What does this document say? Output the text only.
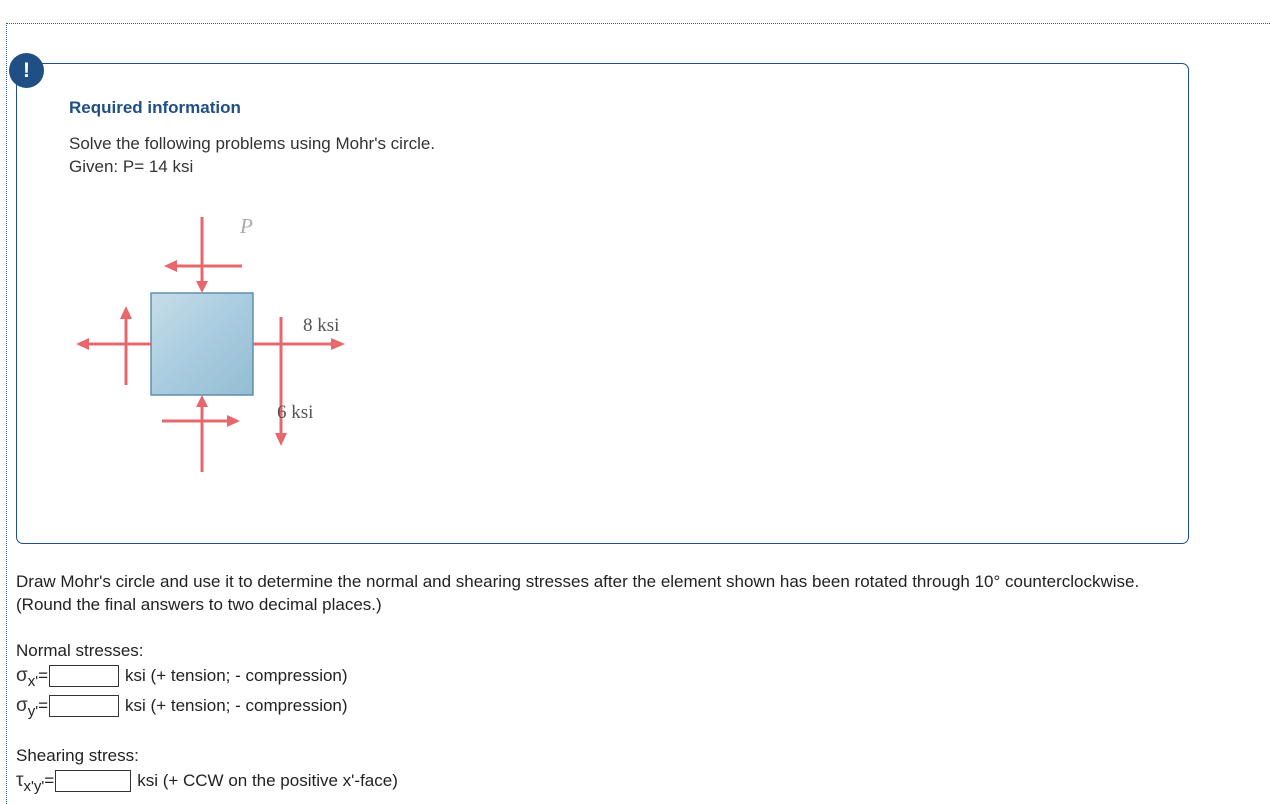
Required information
Solve the following problems using Mohr's circle.
Given: P= 14 ksi
P
8 ksi
6 ksi
!
Draw Mohr's circle and use it to determine the normal and shearing stresses after the element shown has been rotated through 10° counterclockwise. (Round the final answers to two decimal places.)
Normal stresses:
σ x' =	ksi (+ tension; - compression)
σ y' =	ksi (+ tension; - compression)
Shearing stress:
τ x'y' =	ksi (+ CCW on the positive x'-face)
